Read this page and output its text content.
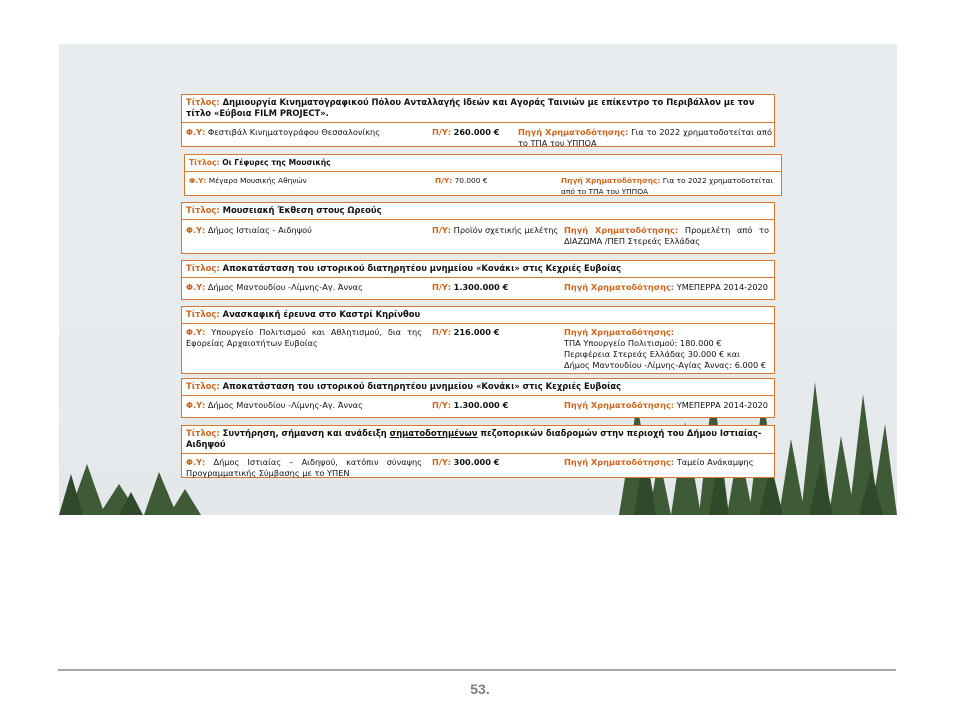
Τίτλος: Δημιουργία Κινηματογραφικού Πόλου Ανταλλαγής Ιδεών και Αγοράς Ταινιών με επίκεντρο το Περιβάλλον με τον τίτλο «Εύβοια FILM PROJECT».
Φ.Υ: Φεστιβάλ Κινηματογράφου Θεσσαλονίκης	Π/Υ: 260.000 €	Πηγή Χρηματοδότησης: Για το 2022 χρηματοδοτείται από το ΤΠΑ του ΥΠΠΟΑ
Τίτλος: Οι Γέφυρες της Μουσικής
Φ.Υ: Μέγαρο Μουσικής Αθηνών	Π/Υ: 70.000 €	Πηγή Χρηματοδότησης: Για το 2022 χρηματοδοτείται από το ΤΠΑ του ΥΠΠΟΑ
Τίτλος: Μουσειακή Έκθεση στους Ωρεούς
Φ.Υ: Δήμος Ιστιαίας - Αιδηψού	Π/Υ: Προϊόν σχετικής μελέτης Πηγή Χρηματοδότησης: Προμελέτη από το ΔΙΑΖΩΜΑ /ΠΕΠ Στερεάς Ελλάδας
Τίτλος: Αποκατάσταση του ιστορικού διατηρητέου μνημείου «Κονάκι» στις Κεχριές Ευβοίας
Φ.Υ: Δήμος Μαντουδίου -Λίμνης-Αγ. Άννας	Π/Υ: 1.300.000 €	Πηγή Χρηματοδότησης: ΥΜΕΠΕΡΡΑ 2014-2020
Τίτλος: Ανασκαφική έρευνα στο Καστρί Κηρίνθου
Φ.Υ: Υπουργείο Πολιτισμού και Αθλητισμού, δια της Εφορείας Αρχαιοτήτων Ευβοίας
Π/Υ: 216.000 €	Πηγή Χρηματοδότησης:
ΤΠΑ Υπουργείο Πολιτισμού: 180.000 €
Περιφέρεια Στερεάς Ελλάδας 30.000 € και
Δήμος Μαντουδίου -Λίμνης-Αγίας Άννας: 6.000 €
Τίτλος: Αποκατάσταση του ιστορικού διατηρητέου μνημείου «Κονάκι» στις Κεχριές Ευβοίας
Φ.Υ: Δήμος Μαντουδίου -Λίμνης-Αγ. Άννας	Π/Υ: 1.300.000 €	Πηγή Χρηματοδότησης: ΥΜΕΠΕΡΡΑ 2014-2020
Τίτλος: Συντήρηση, σήμανση και ανάδειξη σηματοδοτημένων πεζοπορικών διαδρομών στην περιοχή του Δήμου Ιστιαίας- Αιδηψού
Φ.Υ: Δήμος Ιστιαίας – Αιδηψού, κατόπιν σύναψης Προγραμματικής Σύμβασης με το ΥΠΕΝ
Π/Υ: 300.000 €	Πηγή Χρηματοδότησης: Ταμείο Ανάκαμψης
53.
